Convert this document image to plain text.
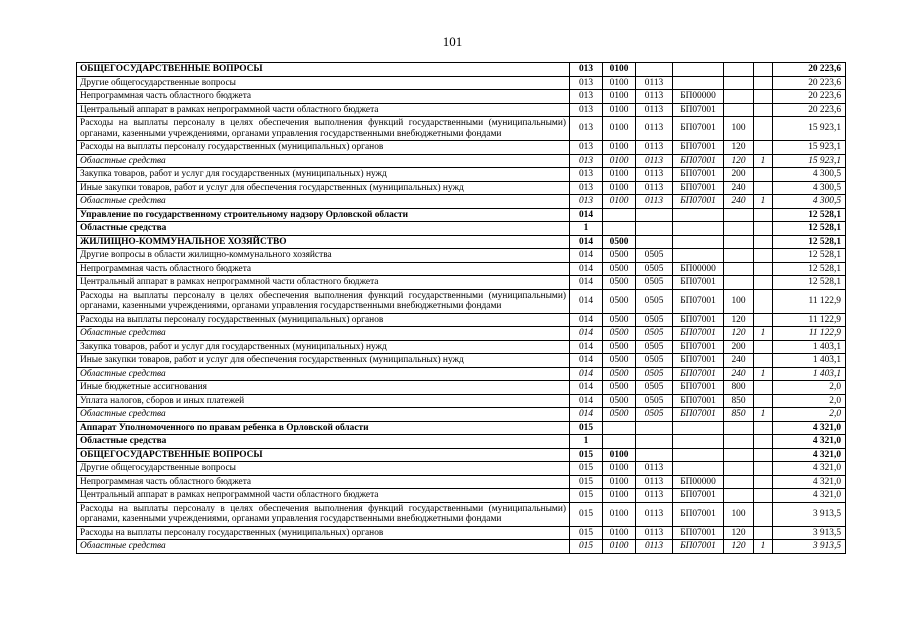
101
ОБЩЕГОСУДАРСТВЕННЫЕ ВОПРОСЫ	013	0100					20 223,6
Другие общегосударственные вопросы	013	0100	0113				20 223,6
Непрограммная часть областного бюджета	013	0100	0113	БП00000			20 223,6
Центральный аппарат в рамках непрограммной части областного бюджета	013	0100	0113	БП07001			20 223,6
Расходы на выплаты персоналу в целях обеспечения выполнения функций государственными (муниципальными) органами, казенными учреждениями, органами управления государственными внебюджетными фондами	013	0100	0113	БП07001	100		15 923,1
Расходы на выплаты персоналу государственных (муниципальных) органов	013	0100	0113	БП07001	120		15 923,1
Областные средства	013	0100	0113	БП07001	120	1	15 923,1
Закупка товаров, работ и услуг для государственных (муниципальных) нужд	013	0100	0113	БП07001	200		4 300,5
Иные закупки товаров, работ и услуг для обеспечения государственных (муниципальных) нужд	013	0100	0113	БП07001	240		4 300,5
Областные средства	013	0100	0113	БП07001	240	1	4 300,5
Управление по государственному строительному надзору Орловской области	014						12 528,1
Областные средства	1						12 528,1
ЖИЛИЩНО-КОММУНАЛЬНОЕ ХОЗЯЙСТВО	014	0500					12 528,1
Другие вопросы в области жилищно-коммунального хозяйства	014	0500	0505				12 528,1
Непрограммная часть областного бюджета	014	0500	0505	БП00000			12 528,1
Центральный аппарат в рамках непрограммной части областного бюджета	014	0500	0505	БП07001			12 528,1
Расходы на выплаты персоналу в целях обеспечения выполнения функций государственными (муниципальными) органами, казенными учреждениями, органами управления государственными внебюджетными фондами	014	0500	0505	БП07001	100		11 122,9
Расходы на выплаты персоналу государственных (муниципальных) органов	014	0500	0505	БП07001	120		11 122,9
Областные средства	014	0500	0505	БП07001	120	1	11 122,9
Закупка товаров, работ и услуг для государственных (муниципальных) нужд	014	0500	0505	БП07001	200		1 403,1
Иные закупки товаров, работ и услуг для обеспечения государственных (муниципальных) нужд	014	0500	0505	БП07001	240		1 403,1
Областные средства	014	0500	0505	БП07001	240	1	1 403,1
Иные бюджетные ассигнования	014	0500	0505	БП07001	800		2,0
Уплата налогов, сборов и иных платежей	014	0500	0505	БП07001	850		2,0
Областные средства	014	0500	0505	БП07001	850	1	2,0
Аппарат Уполномоченного по правам ребенка в Орловской области	015						4 321,0
Областные средства	1						4 321,0
ОБЩЕГОСУДАРСТВЕННЫЕ ВОПРОСЫ	015	0100					4 321,0
Другие общегосударственные вопросы	015	0100	0113				4 321,0
Непрограммная часть областного бюджета	015	0100	0113	БП00000			4 321,0
Центральный аппарат в рамках непрограммной части областного бюджета	015	0100	0113	БП07001			4 321,0
Расходы на выплаты персоналу в целях обеспечения выполнения функций государственными (муниципальными) органами, казенными учреждениями, органами управления государственными внебюджетными фондами	015	0100	0113	БП07001	100		3 913,5
Расходы на выплаты персоналу государственных (муниципальных) органов	015	0100	0113	БП07001	120		3 913,5
Областные средства	015	0100	0113	БП07001	120	1	3 913,5
